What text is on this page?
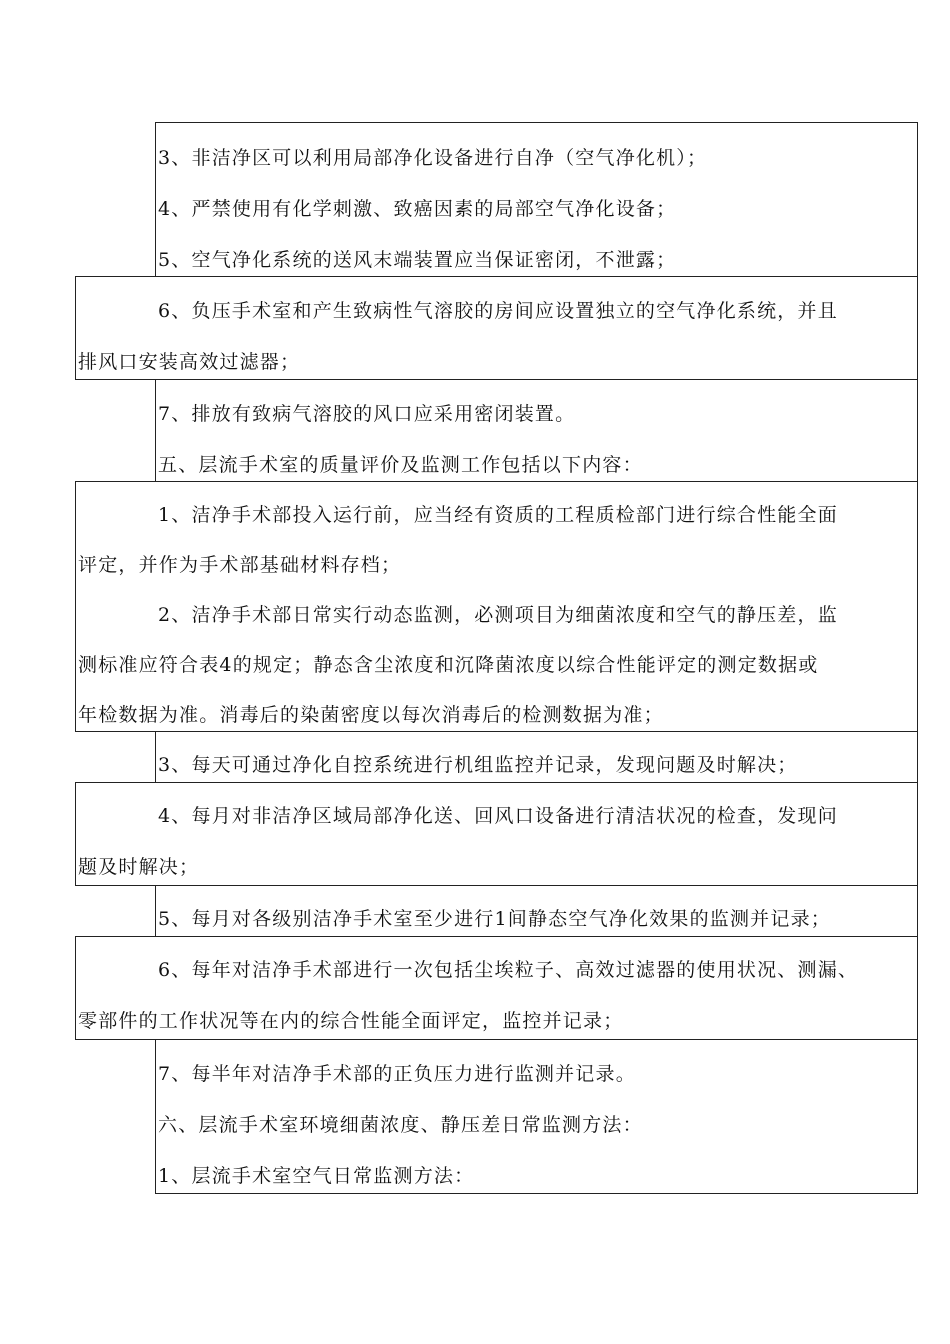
3、非洁净区可以利用局部净化设备进行自净（空气净化机）；
4、严禁使用有化学刺激、致癌因素的局部空气净化设备；
5、空气净化系统的送风末端装置应当保证密闭，不泄露；
6、负压手术室和产生致病性气溶胶的房间应设置独立的空气净化系统，并且
排风口安装高效过滤器；
7、排放有致病气溶胶的风口应采用密闭装置。
五、层流手术室的质量评价及监测工作包括以下内容：
1、洁净手术部投入运行前，应当经有资质的工程质检部门进行综合性能全面
评定，并作为手术部基础材料存档；
2、洁净手术部日常实行动态监测，必测项目为细菌浓度和空气的静压差，监
测标准应符合表4的规定；静态含尘浓度和沉降菌浓度以综合性能评定的测定数据或
年检数据为准。消毒后的染菌密度以每次消毒后的检测数据为准；
3、每天可通过净化自控系统进行机组监控并记录，发现问题及时解决；
4、每月对非洁净区域局部净化送、回风口设备进行清洁状况的检查，发现问
题及时解决；
5、每月对各级别洁净手术室至少进行1间静态空气净化效果的监测并记录；
6、每年对洁净手术部进行一次包括尘埃粒子、高效过滤器的使用状况、测漏、
零部件的工作状况等在内的综合性能全面评定，监控并记录；
7、每半年对洁净手术部的正负压力进行监测并记录。
六、层流手术室环境细菌浓度、静压差日常监测方法：
1、层流手术室空气日常监测方法：
